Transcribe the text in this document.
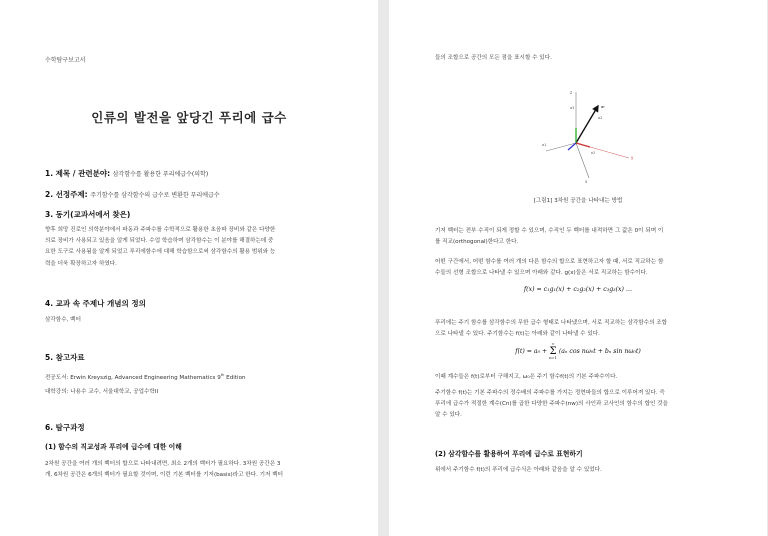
수학탐구보고서
인류의 발전을 앞당긴 푸리에 급수
1. 제목 / 관련분야: 삼각함수를 활용한 푸리에급수(의학)
2. 선정주제: 주기함수를 삼각함수의 급수로 변환한 푸리에급수
3. 동기(교과서에서 찾은)
향후 희망 진로인 의학분야에서 파동과 주파수를 수학적으로 활용한 초음파 장비와 같은 다양한
의료 장비가 사용되고 있음을 알게 되었다. 수업 학습하며 삼각함수는 이 분야를 해결하는데 중
요한 도구로 사용됨을 알게 되었고 푸리에함수에 대해 학습함으로써 삼각함수의 활용 범위와 능
력을 더욱 확장하고자 하였다.
4. 교과 속 주제나 개념의 정의
삼각함수, 벡터
5. 참고자료
전공도서: Erwin Kreyszig, Advanced Engineering Mathematics 9th Edition
대학강의: 나용수 교수, 서울대학교, 공업수학II
6. 탐구과정
(1) 함수의 직교성과 푸리에 급수에 대한 이해
2차원 공간을 여러 개의 벡터의 합으로 나타내려면, 최소 2개의 벡터가 필요하다. 3차원 공간은 3
개, 6차원 공간은 6개의 벡터가 필요할 것이며, 이런 기본 벡터를 기저(basis)라고 한다. 기저 벡터
들의 조합으로 공간의 모든 점을 표시할 수 있다.
z
y
x
a3
a2
a1
ar
e2
[그림1] 3차원 공간을 나타내는 방법
기저 벡터는 전부 수직이 되게 정할 수 있으며, 수직인 두 벡터를 내적하면 그 값은 0이 되며 이
를 직교(orthogonal)한다고 한다.
어떤 구간에서, 어떤 함수를 여러 개의 다른 함수의 합으로 표현하고자 할 때, 서로 직교하는 함
수들의 선형 조합으로 나타낼 수 있으며 아래와 같다. g(x)들은 서로 직교하는 함수이다.
f(x) = c₁g₁(x) + c₂g₂(x) + c₃g₃(x) …
푸리에는 주기 함수를 삼각함수의 무한 급수 형태로 나타냈으며, 서로 직교하는 삼각함수의 조합
으로 나타낼 수 있다. 주기함수는 f(t)는 아래와 같이 나타낼 수 있다.
f(t) = a₀ +
∞
Σ
n=1
(aₙ cos nω₀t + bₙ sin nω₀t)
이때 계수들은 f(t)로부터 구해지고, ω₀은 주기 함수f(t)의 기본 주파수이다.
주기함수 f(t)는 기본 주파수의 정수배의 주파수를 가지는 정현파들의 합으로 이루어져 있다. 즉
푸리에 급수가 적절한 계수(Cn)를 곱한 다양한 주파수(nw)의 사인과 코사인의 함수의 합인 것을
알 수 있다.
(2) 삼각함수를 활용하여 푸리에 급수로 표현하기
위에서 주기함수 f(t)의 푸리에 급수식은 아래와 같음을 알 수 있었다.
